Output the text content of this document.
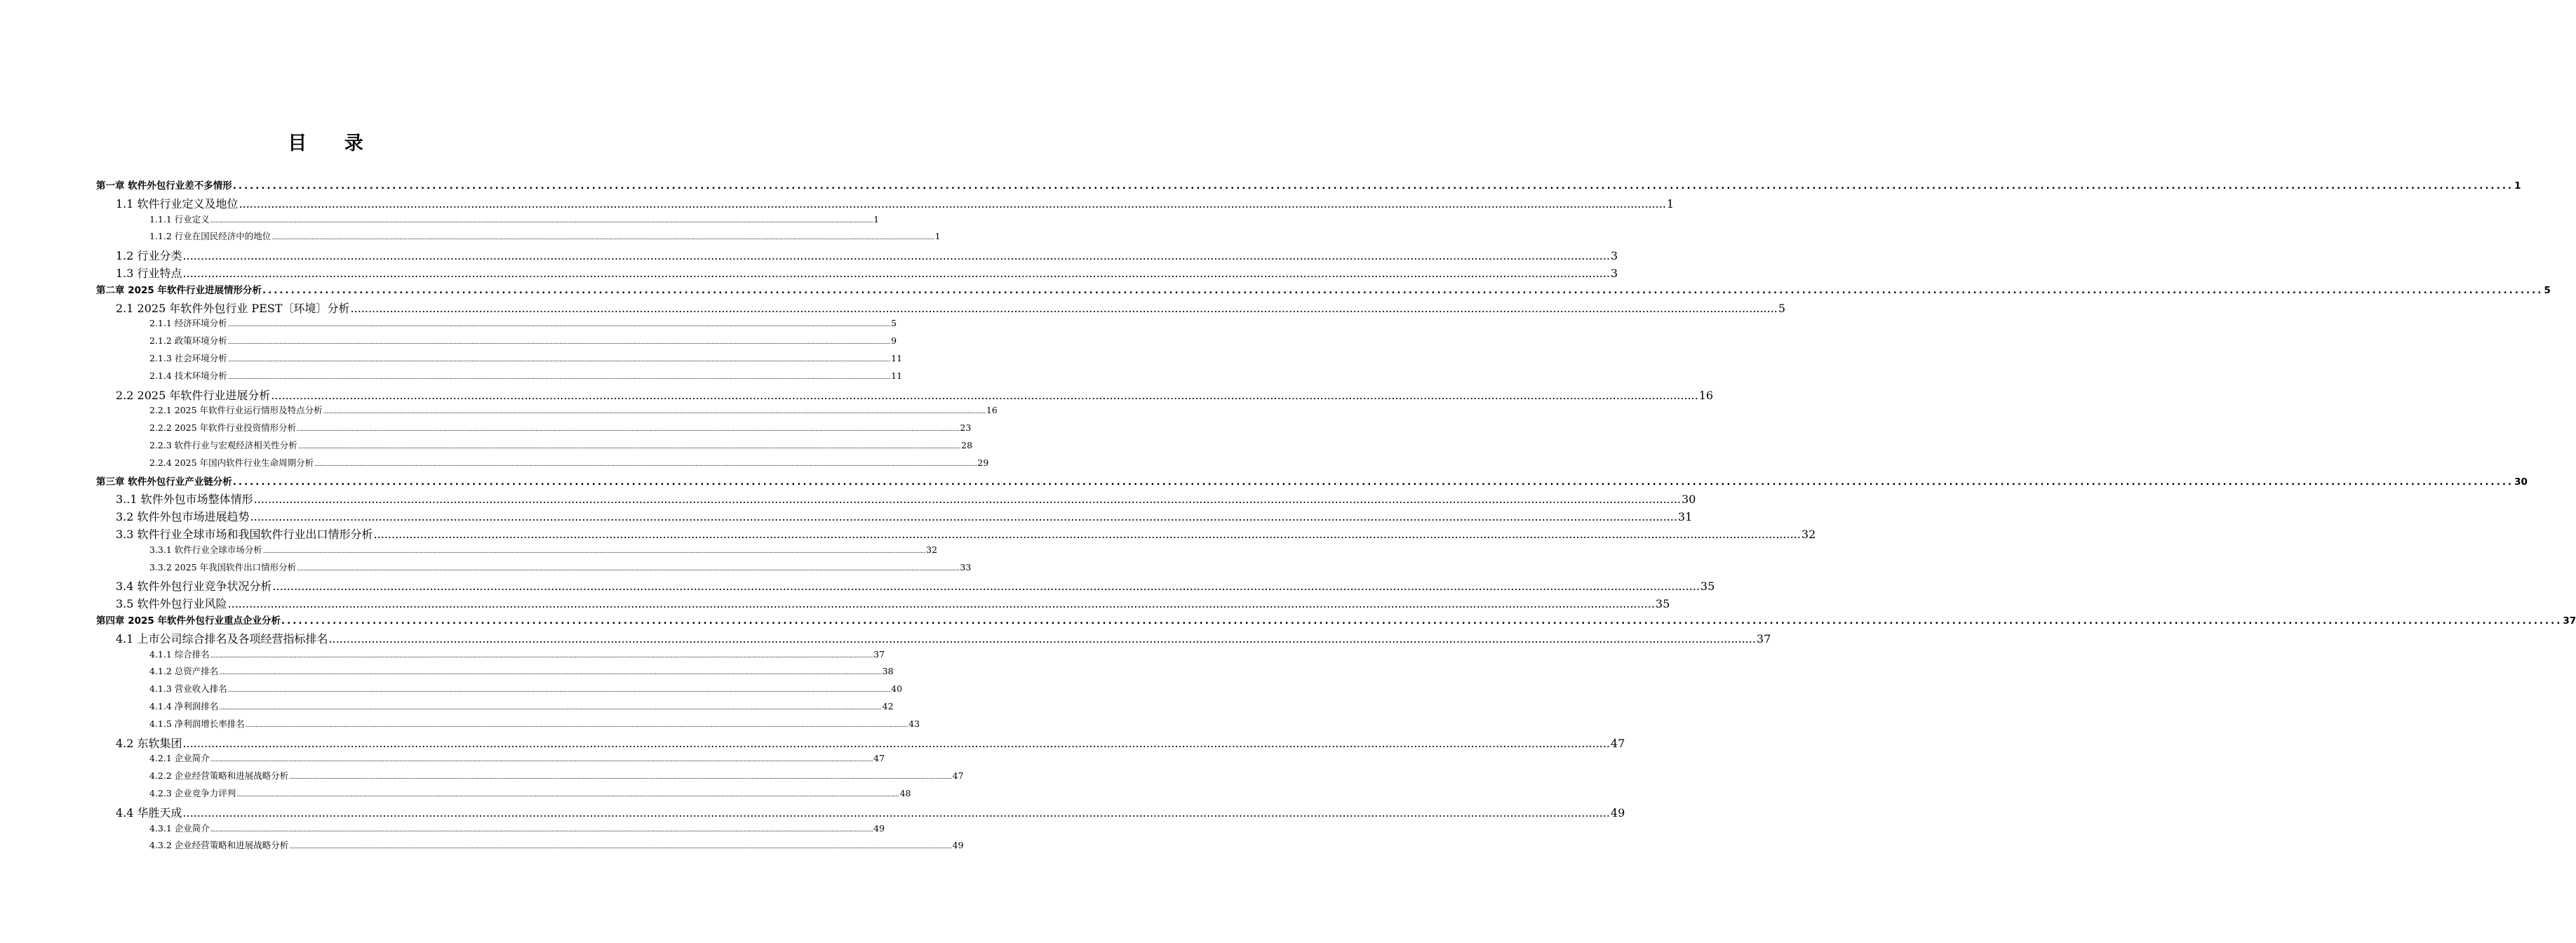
目 录
第一章 软件外包行业差不多情形 ................................................................................................................................................................................................................................................................................................................................................................................................................ 1
1.1 软件行业定义及地位 ................................................................................................................................................................................................................................................................................................................................................................................................................ 1
1.1.1 行业定义 ................................................................................................................................................................................................................................................................................................................................................................................................................ 1
1.1.2 行业在国民经济中的地位 ................................................................................................................................................................................................................................................................................................................................................................................................................ 1
1.2 行业分类 ................................................................................................................................................................................................................................................................................................................................................................................................................ 3
1.3 行业特点 ................................................................................................................................................................................................................................................................................................................................................................................................................ 3
第二章 2025 年软件行业进展情形分析 ................................................................................................................................................................................................................................................................................................................................................................................................................ 5
2.1 2025 年软件外包行业 PEST〔环境〕分析 ................................................................................................................................................................................................................................................................................................................................................................................................................ 5
2.1.1 经济环境分析 ................................................................................................................................................................................................................................................................................................................................................................................................................ 5
2.1.2 政策环境分析 ................................................................................................................................................................................................................................................................................................................................................................................................................ 9
2.1.3 社会环境分析 ................................................................................................................................................................................................................................................................................................................................................................................................................ 11
2.1.4 技术环境分析 ................................................................................................................................................................................................................................................................................................................................................................................................................ 11
2.2 2025 年软件行业进展分析 ................................................................................................................................................................................................................................................................................................................................................................................................................ 16
2.2.1 2025 年软件行业运行情形及特点分析 ................................................................................................................................................................................................................................................................................................................................................................................................................ 16
2.2.2 2025 年软件行业投资情形分析 ................................................................................................................................................................................................................................................................................................................................................................................................................ 23
2.2.3 软件行业与宏观经济相关性分析 ................................................................................................................................................................................................................................................................................................................................................................................................................ 28
2.2.4 2025 年国内软件行业生命周期分析 ................................................................................................................................................................................................................................................................................................................................................................................................................ 29
第三章 软件外包行业产业链分析 ................................................................................................................................................................................................................................................................................................................................................................................................................ 30
3..1 软件外包市场整体情形 ................................................................................................................................................................................................................................................................................................................................................................................................................ 30
3.2 软件外包市场进展趋势 ................................................................................................................................................................................................................................................................................................................................................................................................................ 31
3.3 软件行业全球市场和我国软件行业出口情形分析 ................................................................................................................................................................................................................................................................................................................................................................................................................ 32
3.3.1 软件行业全球市场分析 ................................................................................................................................................................................................................................................................................................................................................................................................................ 32
3.3.2 2025 年我国软件出口情形分析 ................................................................................................................................................................................................................................................................................................................................................................................................................ 33
3.4 软件外包行业竞争状况分析 ................................................................................................................................................................................................................................................................................................................................................................................................................ 35
3.5 软件外包行业风险 ................................................................................................................................................................................................................................................................................................................................................................................................................ 35
第四章 2025 年软件外包行业重点企业分析 ................................................................................................................................................................................................................................................................................................................................................................................................................ 37
4.1 上市公司综合排名及各项经营指标排名 ................................................................................................................................................................................................................................................................................................................................................................................................................ 37
4.1.1 综合排名 ................................................................................................................................................................................................................................................................................................................................................................................................................ 37
4.1.2 总资产排名 ................................................................................................................................................................................................................................................................................................................................................................................................................ 38
4.1.3 营业收入排名 ................................................................................................................................................................................................................................................................................................................................................................................................................ 40
4.1.4 净利润排名 ................................................................................................................................................................................................................................................................................................................................................................................................................ 42
4.1.5 净利润增长率排名 ................................................................................................................................................................................................................................................................................................................................................................................................................ 43
4.2 东软集团 ................................................................................................................................................................................................................................................................................................................................................................................................................ 47
4.2.1 企业简介 ................................................................................................................................................................................................................................................................................................................................................................................................................ 47
4.2.2 企业经营策略和进展战略分析 ................................................................................................................................................................................................................................................................................................................................................................................................................ 47
4.2.3 企业竞争力评判 ................................................................................................................................................................................................................................................................................................................................................................................................................ 48
4.4 华胜天成 ................................................................................................................................................................................................................................................................................................................................................................................................................ 49
4.3.1 企业简介 ................................................................................................................................................................................................................................................................................................................................................................................................................ 49
4.3.2 企业经营策略和进展战略分析 ................................................................................................................................................................................................................................................................................................................................................................................................................ 49
